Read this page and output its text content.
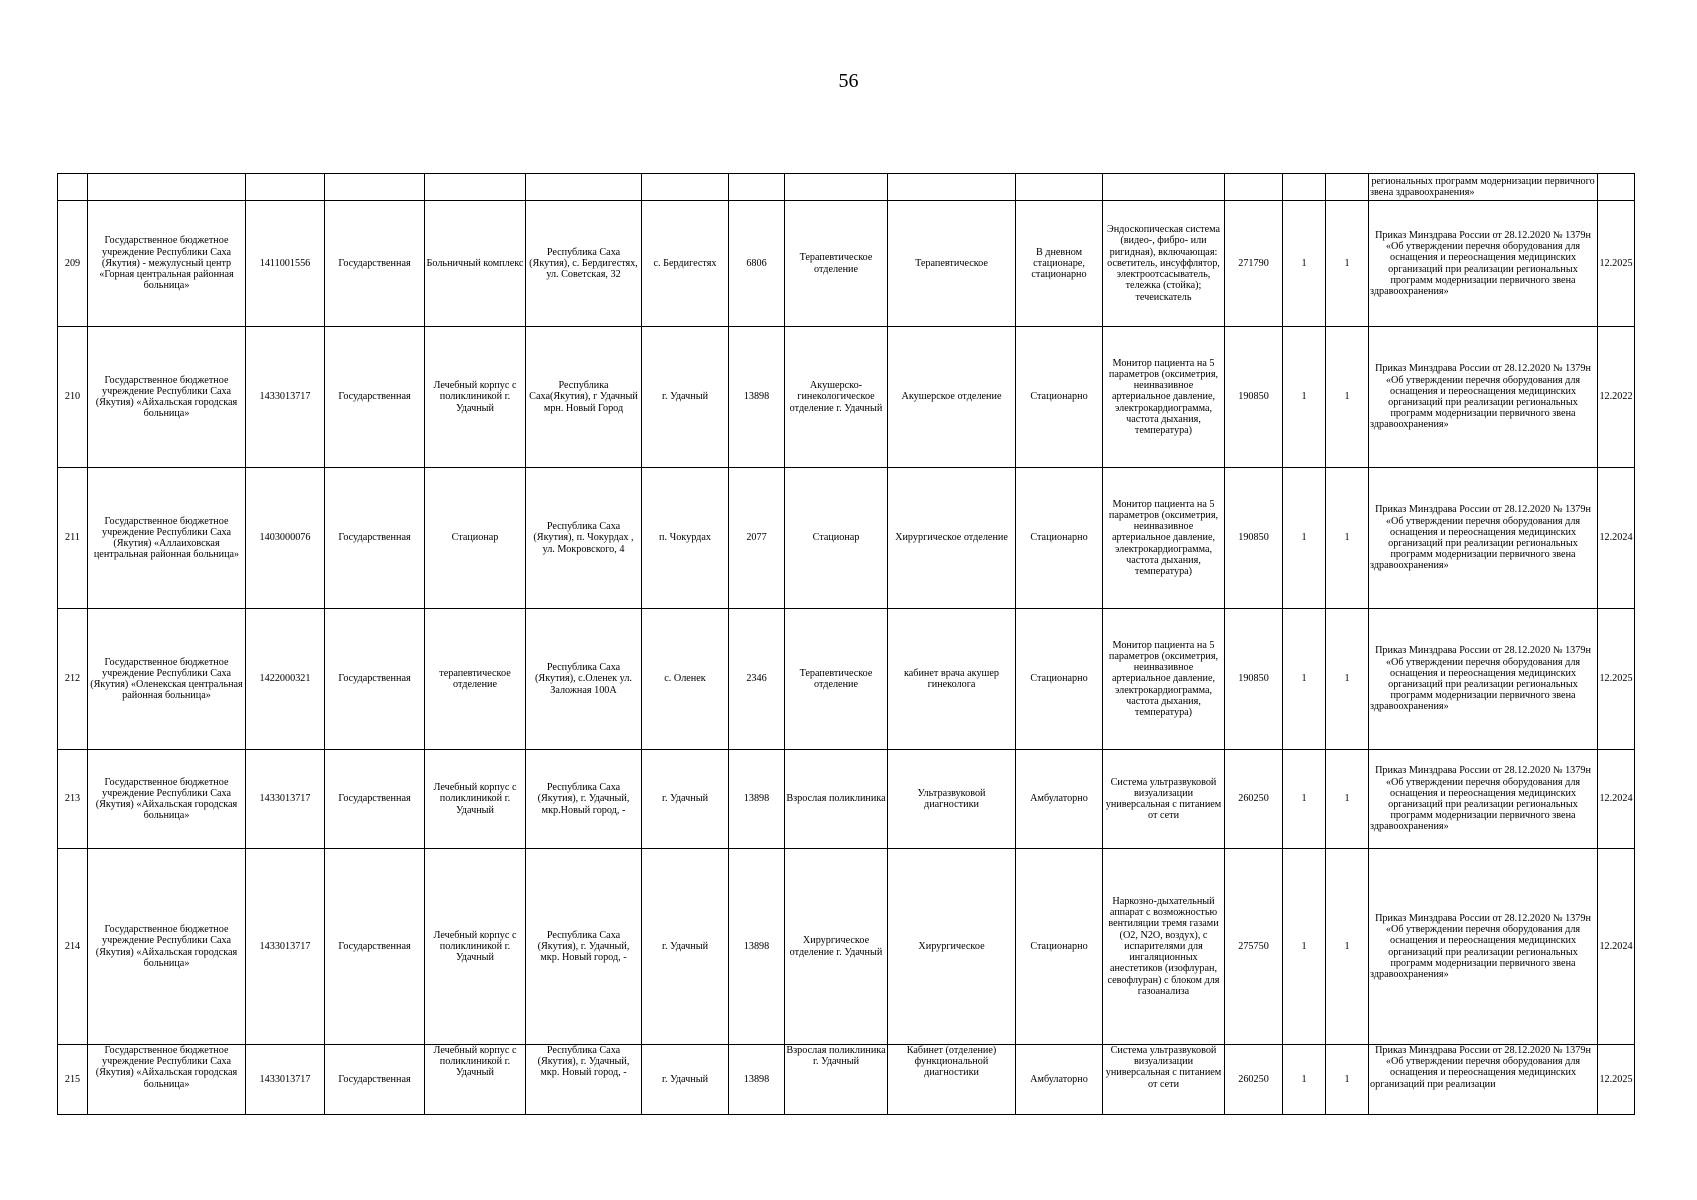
56
															региональных программ модернизации первичного звена здравоохранения»	
209	Государственное бюджетное учреждение Республики Саха (Якутия) - межулусный центр «Горная центральная районная больница»	1411001556	Государственная	Больничный комплекс	Республика Саха (Якутия), с. Бердигестях, ул. Советская, 32	с. Бердигестях	6806	Терапевтическое отделение	Терапевтическое	В дневном стационаре, стационарно	Эндоскопическая система (видео-, фибро- или ригидная), включающая: осветитель, инсуффлятор, электроотсасыватель, тележка (стойка); течеискатель	271790	1	1	Приказ Минздрава России от 28.12.2020 № 1379н «Об утверждении перечня оборудования для оснащения и переоснащения медицинских организаций при реализации региональных программ модернизации первичного звена здравоохранения»	12.2025
210	Государственное бюджетное учреждение Республики Саха (Якутия) «Айхальская городская больница»	1433013717	Государственная	Лечебный корпус с поликлиникой г. Удачный	Республика Саха(Якутия), г Удачный мрн. Новый Город	г. Удачный	13898	Акушерско-гинекологическое отделение г. Удачный	Акушерское отделение	Стационарно	Монитор пациента на 5 параметров (оксиметрия, неинвазивное артериальное давление, электрокардиограмма, частота дыхания, температура)	190850	1	1	Приказ Минздрава России от 28.12.2020 № 1379н «Об утверждении перечня оборудования для оснащения и переоснащения медицинских организаций при реализации региональных программ модернизации первичного звена здравоохранения»	12.2022
211	Государственное бюджетное учреждение Республики Саха (Якутия) «Аллаиховская центральная районная больница»	1403000076	Государственная	Стационар	Республика Саха (Якутия), п. Чокурдах , ул. Мокровского, 4	п. Чокурдах	2077	Стационар	Хирургическое отделение	Стационарно	Монитор пациента на 5 параметров (оксиметрия, неинвазивное артериальное давление, электрокардиограмма, частота дыхания, температура)	190850	1	1	Приказ Минздрава России от 28.12.2020 № 1379н «Об утверждении перечня оборудования для оснащения и переоснащения медицинских организаций при реализации региональных программ модернизации первичного звена здравоохранения»	12.2024
212	Государственное бюджетное учреждение Республики Саха (Якутия) «Оленекская центральная районная больница»	1422000321	Государственная	терапевтическое отделение	Республика Саха (Якутия), с.Оленек ул. Заложная 100А	с. Оленек	2346	Терапевтическое отделение	кабинет врача акушер гинеколога	Стационарно	Монитор пациента на 5 параметров (оксиметрия, неинвазивное артериальное давление, электрокардиограмма, частота дыхания, температура)	190850	1	1	Приказ Минздрава России от 28.12.2020 № 1379н «Об утверждении перечня оборудования для оснащения и переоснащения медицинских организаций при реализации региональных программ модернизации первичного звена здравоохранения»	12.2025
213	Государственное бюджетное учреждение Республики Саха (Якутия) «Айхальская городская больница»	1433013717	Государственная	Лечебный корпус с поликлиникой г. Удачный	Республика Саха (Якутия), г. Удачный, мкр.Новый город, -	г. Удачный	13898	Взрослая поликлиника	Ультразвуковой диагностики	Амбулаторно	Система ультразвуковой визуализации универсальная с питанием от сети	260250	1	1	Приказ Минздрава России от 28.12.2020 № 1379н «Об утверждении перечня оборудования для оснащения и переоснащения медицинских организаций при реализации региональных программ модернизации первичного звена здравоохранения»	12.2024
214	Государственное бюджетное учреждение Республики Саха (Якутия) «Айхальская городская больница»	1433013717	Государственная	Лечебный корпус с поликлиникой г. Удачный	Республика Саха (Якутия), г. Удачный, мкр. Новый город, -	г. Удачный	13898	Хирургическое отделение г. Удачный	Хирургическое	Стационарно	Наркозно-дыхательный аппарат с возможностью вентиляции тремя газами (O2, N2O, воздух), с испарителями для ингаляционных анестетиков (изофлуран, севофлуран) с блоком для газоанализа	275750	1	1	Приказ Минздрава России от 28.12.2020 № 1379н «Об утверждении перечня оборудования для оснащения и переоснащения медицинских организаций при реализации региональных программ модернизации первичного звена здравоохранения»	12.2024
215	Государственное бюджетное учреждение Республики Саха (Якутия) «Айхальская городская больница»	1433013717	Государственная	Лечебный корпус с поликлиникой г. Удачный	Республика Саха (Якутия), г. Удачный, мкр. Новый город, -	г. Удачный	13898	Взрослая поликлиника г. Удачный	Кабинет (отделение) функциональной диагностики	Амбулаторно	Система ультразвуковой визуализации универсальная с питанием от сети	260250	1	1	Приказ Минздрава России от 28.12.2020 № 1379н «Об утверждении перечня оборудования для оснащения и переоснащения медицинских организаций при реализации	12.2025
